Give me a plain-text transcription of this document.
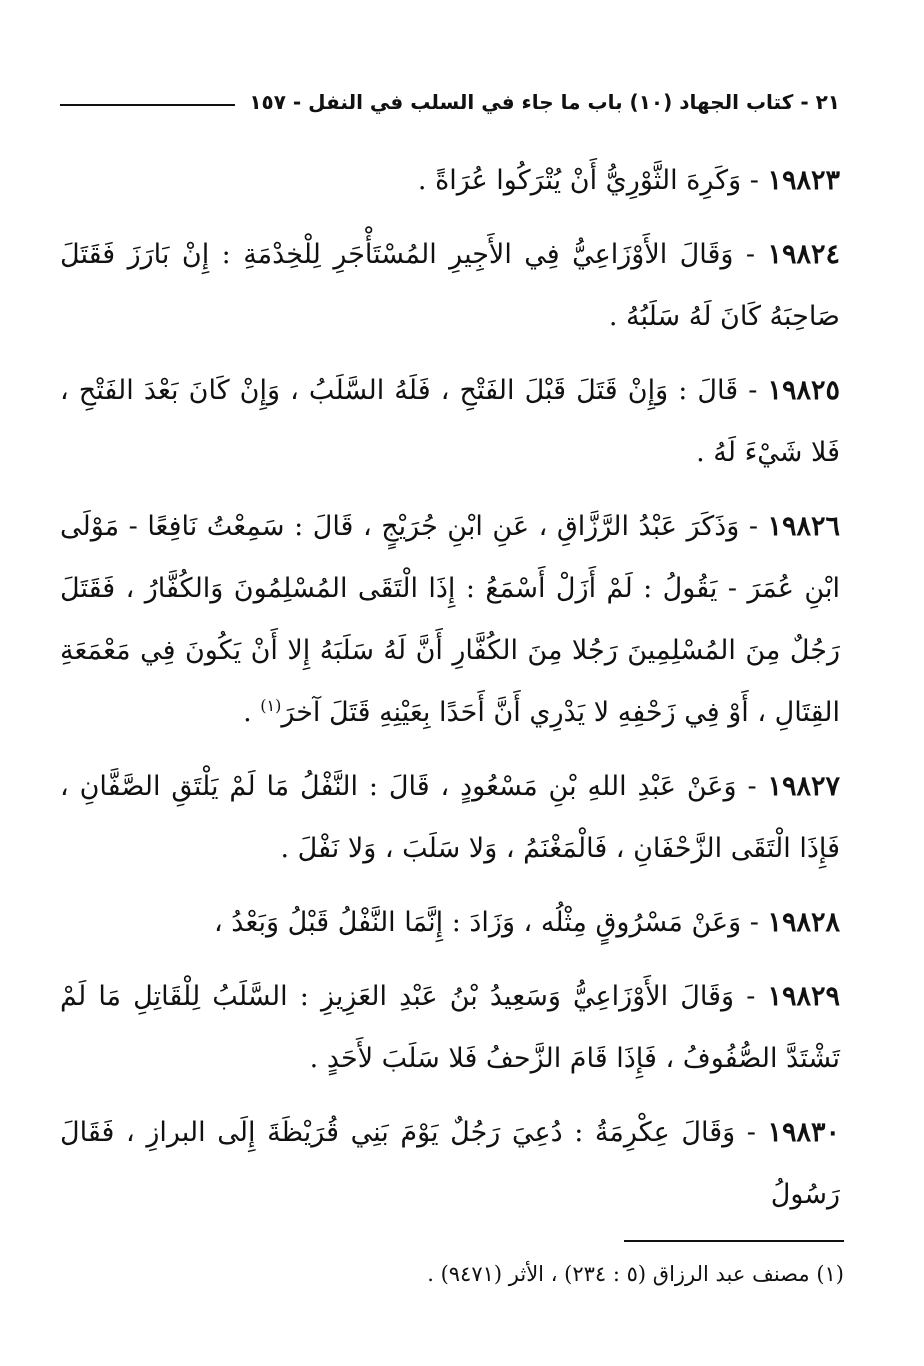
٢١ - كتاب الجهاد (١٠) باب ما جاء في السلب في النفل - ١٥٧

١٩٨٢٣ - وَكَرِهَ الثَّوْرِيُّ أَنْ يُتْرَكُوا عُرَاةً .

١٩٨٢٤ - وَقَالَ الأَوْزَاعِيُّ فِي الأَجِيرِ المُسْتَأْجَرِ لِلْخِدْمَةِ : إِنْ بَارَزَ فَقَتَلَ صَاحِبَهُ كَانَ لَهُ سَلَبُهُ .

١٩٨٢٥ - قَالَ : وَإِنْ قَتَلَ قَبْلَ الفَتْحِ ، فَلَهُ السَّلَبُ ، وَإِنْ كَانَ بَعْدَ الفَتْحِ ، فَلا شَيْءَ لَهُ .

١٩٨٢٦ - وَذَكَرَ عَبْدُ الرَّزَّاقِ ، عَنِ ابْنِ جُرَيْجٍ ، قَالَ : سَمِعْتُ نَافِعًا - مَوْلَى ابْنِ عُمَرَ - يَقُولُ : لَمْ أَزَلْ أَسْمَعُ : إِذَا الْتَقَى المُسْلِمُونَ وَالكُفَّارُ ، فَقَتَلَ رَجُلٌ مِنَ المُسْلِمِينَ رَجُلا مِنَ الكُفَّارِ أَنَّ لَهُ سَلَبَهُ إِلا أَنْ يَكُونَ فِي مَعْمَعَةِ القِتَالِ ، أَوْ فِي زَحْفِهِ لا يَدْرِي أَنَّ أَحَدًا بِعَيْنِهِ قَتَلَ آخرَ$^{(١)}$ .

١٩٨٢٧ - وَعَنْ عَبْدِ اللهِ بْنِ مَسْعُودٍ ، قَالَ : النَّفْلُ مَا لَمْ يَلْتَقِ الصَّفَّانِ ، فَإِذَا الْتَقَى الزَّحْفَانِ ، فَالْمَغْنَمُ ، وَلا سَلَبَ ، وَلا نَفْلَ .

١٩٨٢٨ - وَعَنْ مَسْرُوقٍ مِثْلُه ، وَزَادَ : إِنَّمَا النَّفْلُ قَبْلُ وَبَعْدُ ،

١٩٨٢٩ - وَقَالَ الأَوْزَاعِيُّ وَسَعِيدُ بْنُ عَبْدِ العَزِيزِ : السَّلَبُ لِلْقَاتِلِ مَا لَمْ تَشْتَدَّ الصُّفُوفُ ، فَإِذَا قَامَ الزَّحفُ فَلا سَلَبَ لأَحَدٍ .

١٩٨٣٠ - وَقَالَ عِكْرِمَةُ : دُعِيَ رَجُلٌ يَوْمَ بَنِي قُرَيْظَةَ إِلَى البرازِ ، فَقَالَ رَسُولُ

(١) مصنف عبد الرزاق (٥ : ٢٣٤) ، الأثر (٩٤٧١) .
